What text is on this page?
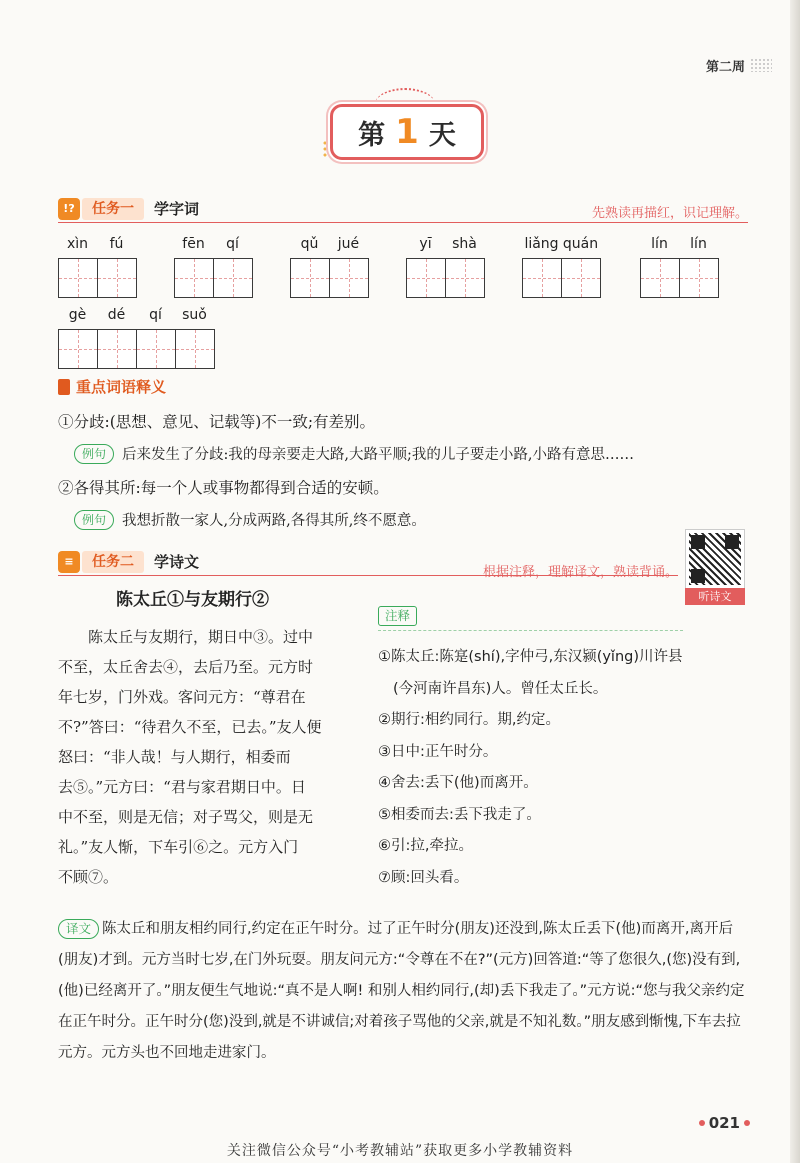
第二周
第 1 天
!?	任务一	学字词	先熟读再描红，识记理解。
xìn	fú	fēn	qí	qǔ	jué	yī	shà	liǎng quán	lín	lín
gè	dé	qí	suǒ
重点词语释义
①分歧:(思想、意见、记载等)不一致;有差别。
例句	后来发生了分歧:我的母亲要走大路,大路平顺;我的儿子要走小路,小路有意思……
②各得其所:每一个人或事物都得到合适的安顿。
例句	我想折散一家人,分成两路,各得其所,终不愿意。
≡	任务二	学诗文
根据注释，理解译文，熟读背诵。
听诗文
陈太丘①与友期行②

陈太丘与友期行，期日中③。过中

不至，太丘舍去④，去后乃至。元方时

年七岁，门外戏。客问元方：“尊君在

不?”答曰：“待君久不至，已去。”友人便

怒曰：“非人哉！与人期行，相委而

去⑤。”元方曰：“君与家君期日中。日

中不至，则是无信；对子骂父，则是无

礼。”友人惭，下车引⑥之。元方入门

不顾⑦。

注释
①陈太丘:陈寔(shí),字仲弓,东汉颍(yǐng)川许县
(今河南许昌东)人。曾任太丘长。
②期行:相约同行。期,约定。
③日中:正午时分。
④舍去:丢下(他)而离开。
⑤相委而去:丢下我走了。
⑥引:拉,牵拉。
⑦顾:回头看。
译文 陈太丘和朋友相约同行,约定在正午时分。过了正午时分(朋友)还没到,陈太丘丢下(他)而离开,离开后(朋友)才到。元方当时七岁,在门外玩耍。朋友问元方:“令尊在不在?”(元方)回答道:“等了您很久,(您)没有到,(他)已经离开了。”朋友便生气地说:“真不是人啊! 和别人相约同行,(却)丢下我走了。”元方说:“您与我父亲约定在正午时分。正午时分(您)没到,就是不讲诚信;对着孩子骂他的父亲,就是不知礼数。”朋友感到惭愧,下车去拉元方。元方头也不回地走进家门。
021
关注微信公众号“小考教辅站”获取更多小学教辅资料
